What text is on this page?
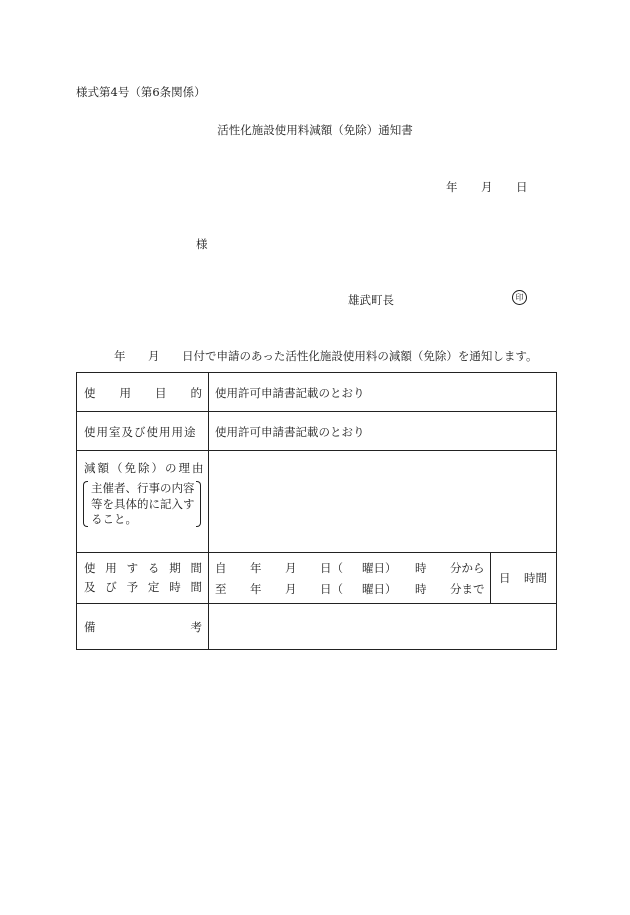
様式第4号（第6条関係）
活性化施設使用料減額（免除）通知書
年 月 日
様
雄武町長	印
年 月 日付で申請のあった活性化施設使用料の減額（免除）を通知します。
使 用 目 的 使用許可申請書記載のとおり
使用室及び使用用途 使用許可申請書記載のとおり
減額（免除）の理由
主催者、行事の内容
等を具体的に記入す
ること。
使 用 す る 期 間
及 び 予 定 時 間
自 年 月 日（ 曜日） 時 分から
至 年 月 日（ 曜日） 時 分まで
日 時間
備	考
